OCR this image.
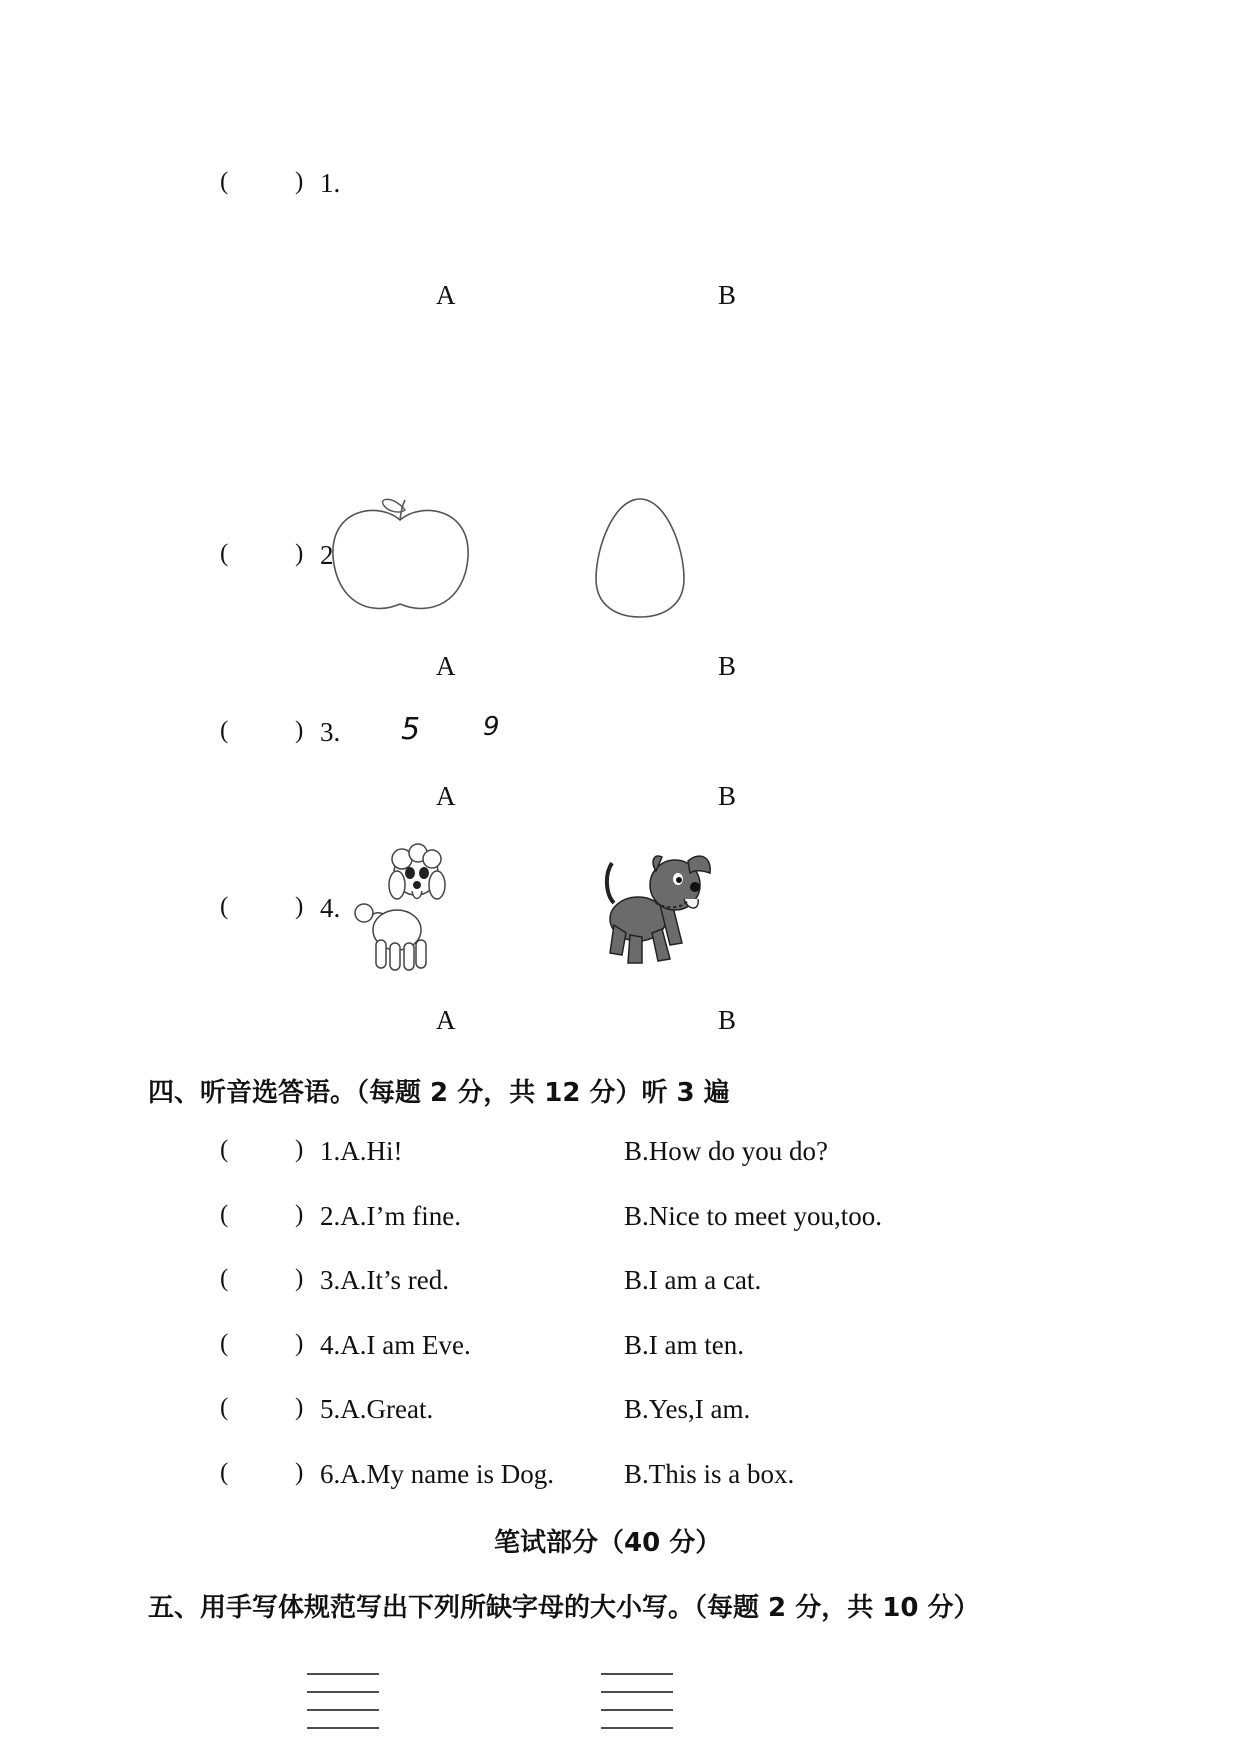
(	) 1.
A	B
(	) 2
A	B
(	) 3. 5 9
A	B
(	) 4.
A	B
四、听音选答语。（每题 2 分，共 12 分）听 3 遍
(	) 1.A.Hi!	B.How do you do?
(	) 2.A.I’m fine.	B.Nice to meet you,too.
(	) 3.A.It’s red.	B.I am a cat.
(	) 4.A.I am Eve.	B.I am ten.
(	) 5.A.Great.	B.Yes,I am.
(	) 6.A.My name is Dog.	B.This is a box.
笔试部分（40 分）
五、用手写体规范写出下列所缺字母的大小写。（每题 2 分，共 10 分）
